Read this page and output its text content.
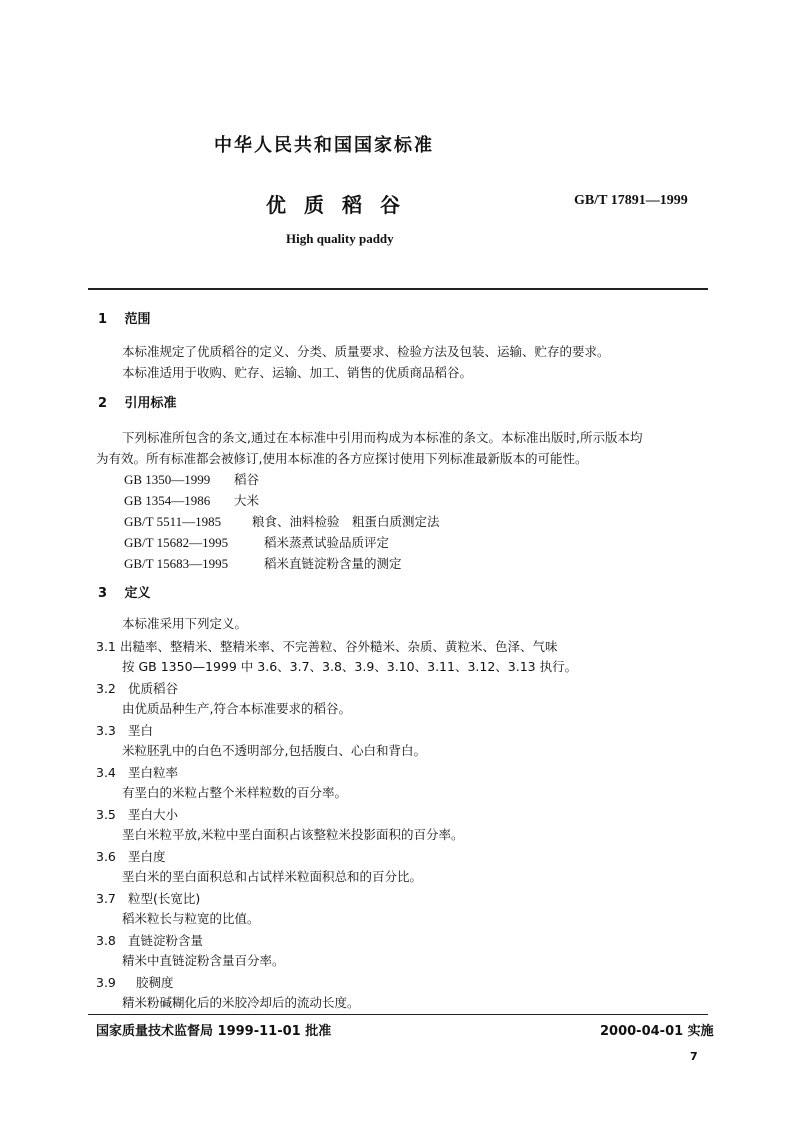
中华人民共和国国家标准
优质稻谷	GB/T 17891—1999
High quality paddy
1 范围
本标准规定了优质稻谷的定义、分类、质量要求、检验方法及包装、运输、贮存的要求。
本标准适用于收购、贮存、运输、加工、销售的优质商品稻谷。
2 引用标准
下列标准所包含的条文,通过在本标准中引用而构成为本标准的条文。本标准出版时,所示版本均
为有效。所有标准都会被修订,使用本标准的各方应探讨使用下列标准最新版本的可能性。
GB 1350—1999 稻谷
GB 1354—1986 大米
GB/T 5511—1985 粮食、油料检验　粗蛋白质测定法
GB/T 15682—1995	稻米蒸煮试验品质评定
GB/T 15683—1995	稻米直链淀粉含量的测定
3 定义
本标准采用下列定义。
3.1 出糙率、整精米、整精米率、不完善粒、谷外糙米、杂质、黄粒米、色泽、气味
按 GB 1350—1999 中 3.6、3.7、3.8、3.9、3.10、3.11、3.12、3.13 执行。
3.2 优质稻谷
由优质品种生产,符合本标准要求的稻谷。
3.3 垩白
米粒胚乳中的白色不透明部分,包括腹白、心白和背白。
3.4 垩白粒率
有垩白的米粒占整个米样粒数的百分率。
3.5 垩白大小
垩白米粒平放,米粒中垩白面积占该整粒米投影面积的百分率。
3.6 垩白度
垩白米的垩白面积总和占试样米粒面积总和的百分比。
3.7 粒型(长宽比)
稻米粒长与粒宽的比值。
3.8 直链淀粉含量
精米中直链淀粉含量百分率。
3.9 胶稠度
精米粉碱糊化后的米胶冷却后的流动长度。
国家质量技术监督局 1999-11-01 批准	2000-04-01 实施
7
